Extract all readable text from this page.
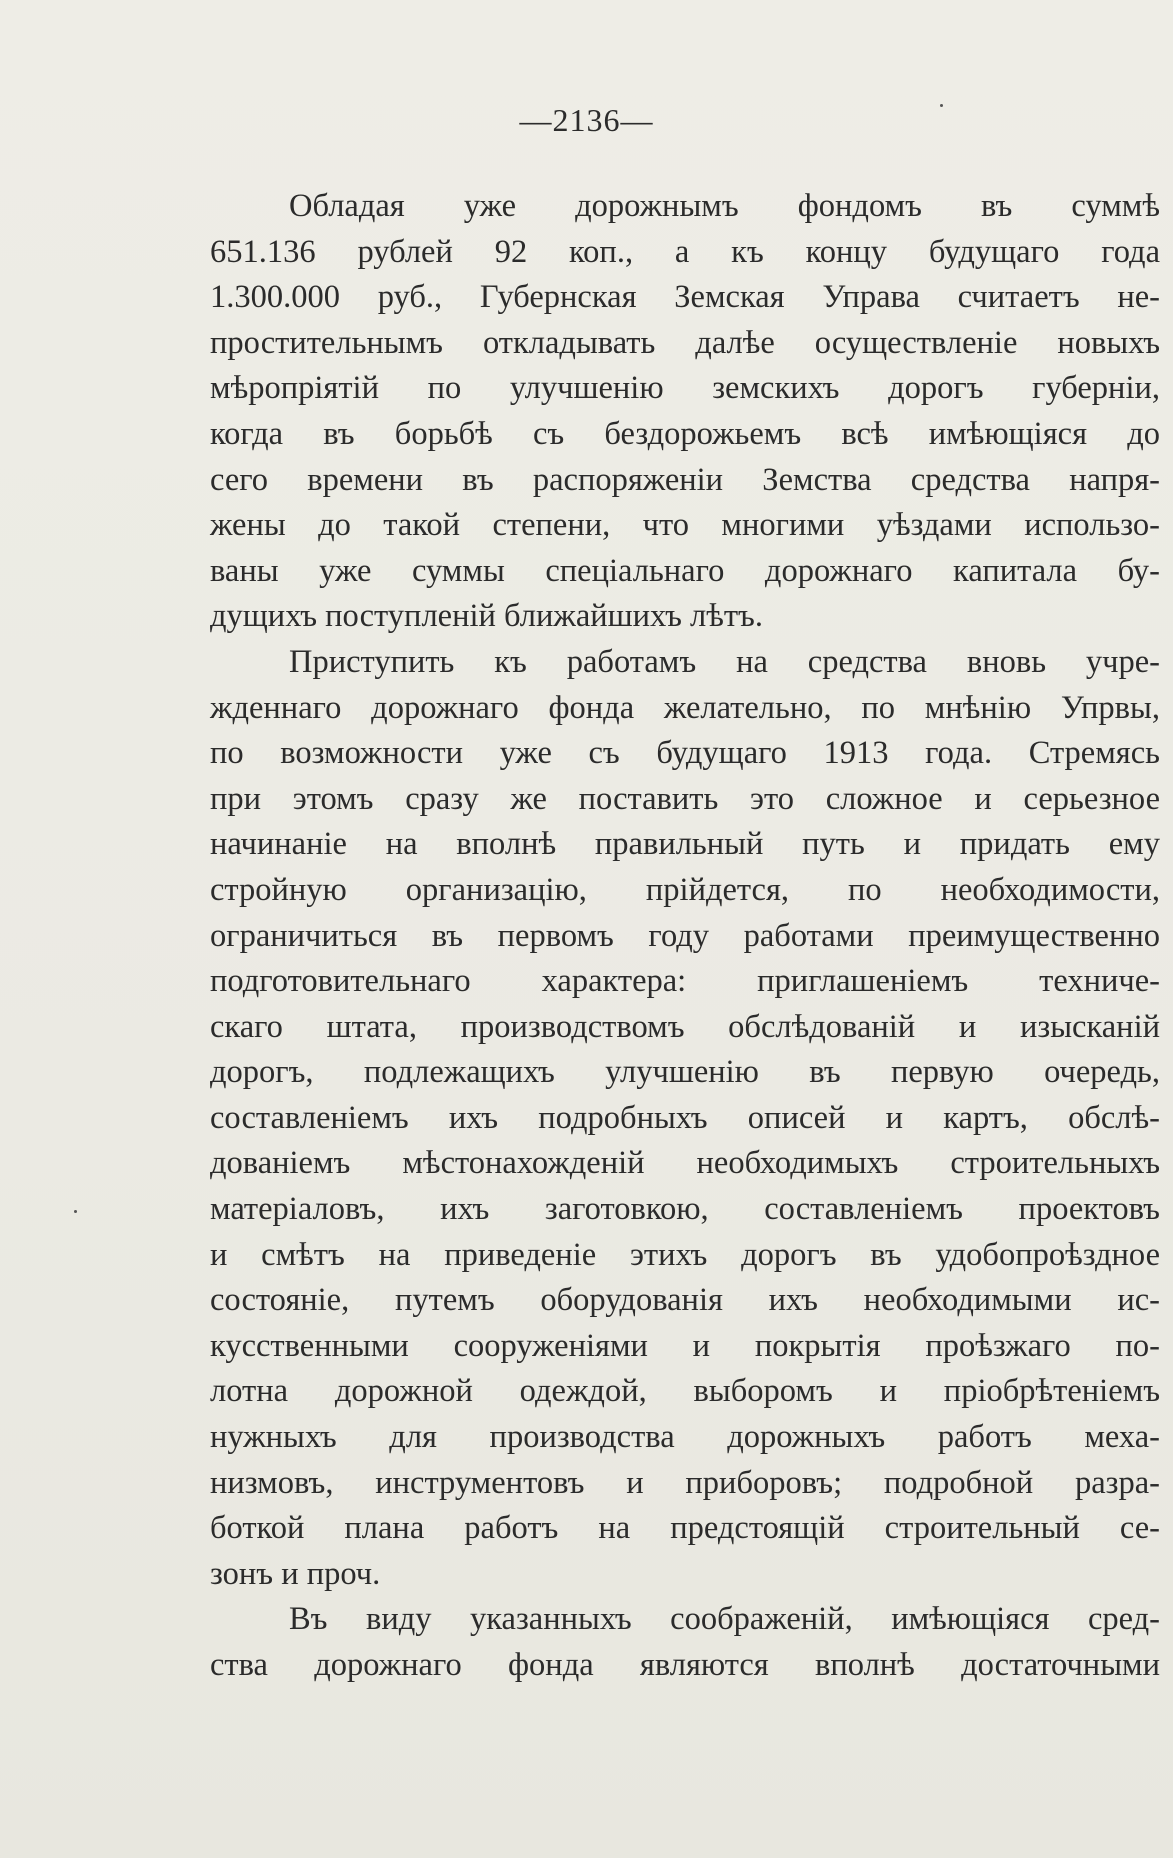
—2136—
Обладая уже дорожнымъ фондомъ въ суммѣ
651.136 рублей 92 коп., а къ концу будущаго года
1.300.000 руб., Губернская Земская Управа считаетъ не-
простительнымъ откладывать далѣе осуществленіе новыхъ
мѣропріятій по улучшенію земскихъ дорогъ губерніи,
когда въ борьбѣ съ бездорожьемъ всѣ имѣющіяся до
сего времени въ распоряженіи Земства средства напря-
жены до такой степени, что многими уѣздами использо-
ваны уже суммы спеціальнаго дорожнаго капитала бу-
дущихъ поступленій ближайшихъ лѣтъ.
Приступить къ работамъ на средства вновь учре-
жденнаго дорожнаго фонда желательно, по мнѣнію Упрвы,
по возможности уже съ будущаго 1913 года. Стремясь
при этомъ сразу же поставить это сложное и серьезное
начинаніе на вполнѣ правильный путь и придать ему
стройную организацію, прійдется, по необходимости,
ограничиться въ первомъ году работами преимущественно
подготовительнаго характера: приглашеніемъ техниче-
скаго штата, производствомъ обслѣдованій и изысканій
дорогъ, подлежащихъ улучшенію въ первую очередь,
составленіемъ ихъ подробныхъ описей и картъ, обслѣ-
дованіемъ мѣстонахожденій необходимыхъ строительныхъ
матеріаловъ, ихъ заготовкою, составленіемъ проектовъ
и смѣтъ на приведеніе этихъ дорогъ въ удобопроѣздное
состояніе, путемъ оборудованія ихъ необходимыми ис-
кусственными сооруженіями и покрытія проѣзжаго по-
лотна дорожной одеждой, выборомъ и пріобрѣтеніемъ
нужныхъ для производства дорожныхъ работъ меха-
низмовъ, инструментовъ и приборовъ; подробной разра-
боткой плана работъ на предстоящій строительный се-
зонъ и проч.
Въ виду указанныхъ соображеній, имѣющіяся сред-
ства дорожнаго фонда являются вполнѣ достаточными
